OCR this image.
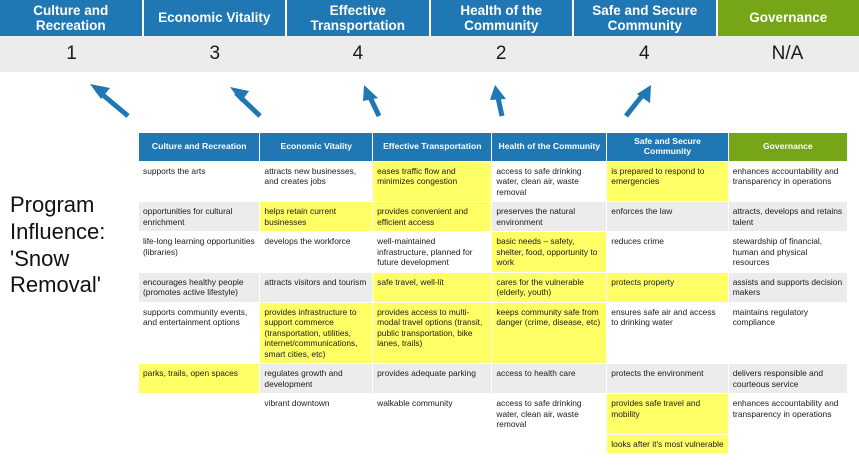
Culture and Recreation
Economic Vitality
Effective Transportation
Health of the Community
Safe and Secure Community
Governance
1	3	4	2	4	N/A
Program
Influence:
'Snow
Removal'
Culture and Recreation	Economic Vitality	Effective Transportation	Health of the Community	Safe and Secure Community	Governance
supports the arts	attracts new businesses, and creates jobs	eases traffic flow and minimizes congestion	access to safe drinking water, clean air, waste removal	is prepared to respond to emergencies	enhances accountability and transparency in operations
opportunities for cultural enrichment	helps retain current businesses	provides convenient and efficient access	preserves the natural environment	enforces the law	attracts, develops and retains talent
life-long learning opportunities (libraries)	develops the workforce	well-maintained infrastructure, planned for future development	basic needs – safety, shelter, food, opportunity to work	reduces crime	stewardship of financial, human and physical resources
encourages healthy people (promotes active lifestyle)	attracts visitors and tourism	safe travel, well-lit	cares for the vulnerable (elderly, youth)	protects property	assists and supports decision makers
supports community events, and entertainment options	provides infrastructure to support commerce (transportation, utilities, internet/communications, smart cities, etc)	provides access to multi-modal travel options (transit, public transportation, bike lanes, trails)	keeps community safe from danger (crime, disease, etc)	ensures safe air and access to drinking water	maintains regulatory compliance
parks, trails, open spaces	regulates growth and development	provides adequate parking	access to health care	protects the environment	delivers responsible and courteous service
	vibrant downtown	walkable community	access to safe drinking water, clean air, waste removal	provides safe travel and mobility	enhances accountability and transparency in operations
				looks after it's most vulnerable	
